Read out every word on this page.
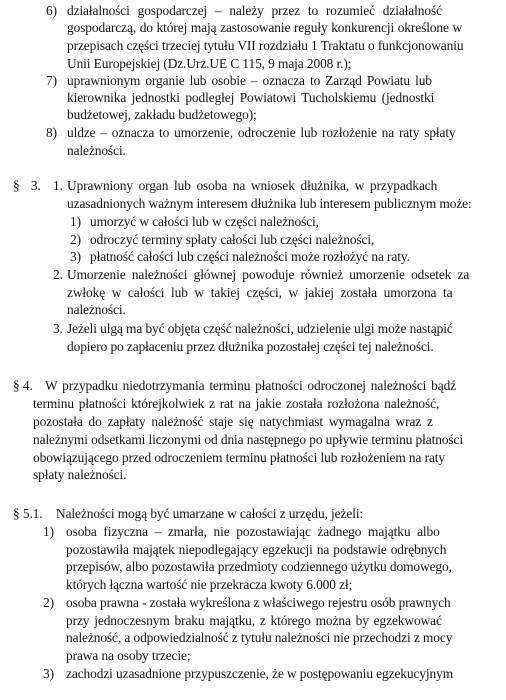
6) działalności gospodarczej – należy przez to rozumieć działalność
gospodarczą, do której mają zastosowanie reguły konkurencji określone w
przepisach części trzeciej tytułu VII rozdziału 1 Traktatu o funkcjonowaniu
Unii Europejskiej (Dz.Urz.UE C 115, 9 maja 2008 r.);
7) uprawnionym organie lub osobie – oznacza to Zarząd Powiatu lub
kierownika jednostki podległej Powiatowi Tucholskiemu (jednostki
budżetowej, zakładu budżetowego);
8) uldze – oznacza to umorzenie, odroczenie lub rozłożenie na raty spłaty
należności.
§ 3. 1. Uprawniony organ lub osoba na wniosek dłużnika, w przypadkach
uzasadnionych ważnym interesem dłużnika lub interesem publicznym może:
1) umorzyć w całości lub w części należności,
2) odroczyć terminy spłaty całości lub części należności,
3) płatność całości lub części należności może rozłożyć na raty.
2. Umorzenie należności głównej powoduje również umorzenie odsetek za
zwłokę w całości lub w takiej części, w jakiej została umorzona ta
należności.
3. Jeżeli ulgą ma być objęta część należności, udzielenie ulgi może nastąpić
dopiero po zapłaceniu przez dłużnika pozostałej części tej należności.
§ 4. W przypadku niedotrzymania terminu płatności odroczonej należności bądź
terminu płatności którejkolwiek z rat na jakie została rozłożona należność,
pozostała do zapłaty należność staje się natychmiast wymagalna wraz z
należnymi odsetkami liczonymi od dnia następnego po upływie terminu płatności
obowiązującego przed odroczeniem terminu płatności lub rozłożeniem na raty
spłaty należności.
§ 5.1. Należności mogą być umarzane w całości z urzędu, jeżeli:
1) osoba fizyczna – zmarła, nie pozostawiając żadnego majątku albo
pozostawiła majątek niepodlegający egzekucji na podstawie odrębnych
przepisów, albo pozostawiła przedmioty codziennego użytku domowego,
których łączna wartość nie przekracza kwoty 6.000 zł;
2) osoba prawna - została wykreślona z właściwego rejestru osób prawnych
przy jednoczesnym braku majątku, z którego można by egzekwować
należność, a odpowiedzialność z tytułu należności nie przechodzi z mocy
prawa na osoby trzecie;
3) zachodzi uzasadnione przypuszczenie, że w postępowaniu egzekucyjnym
